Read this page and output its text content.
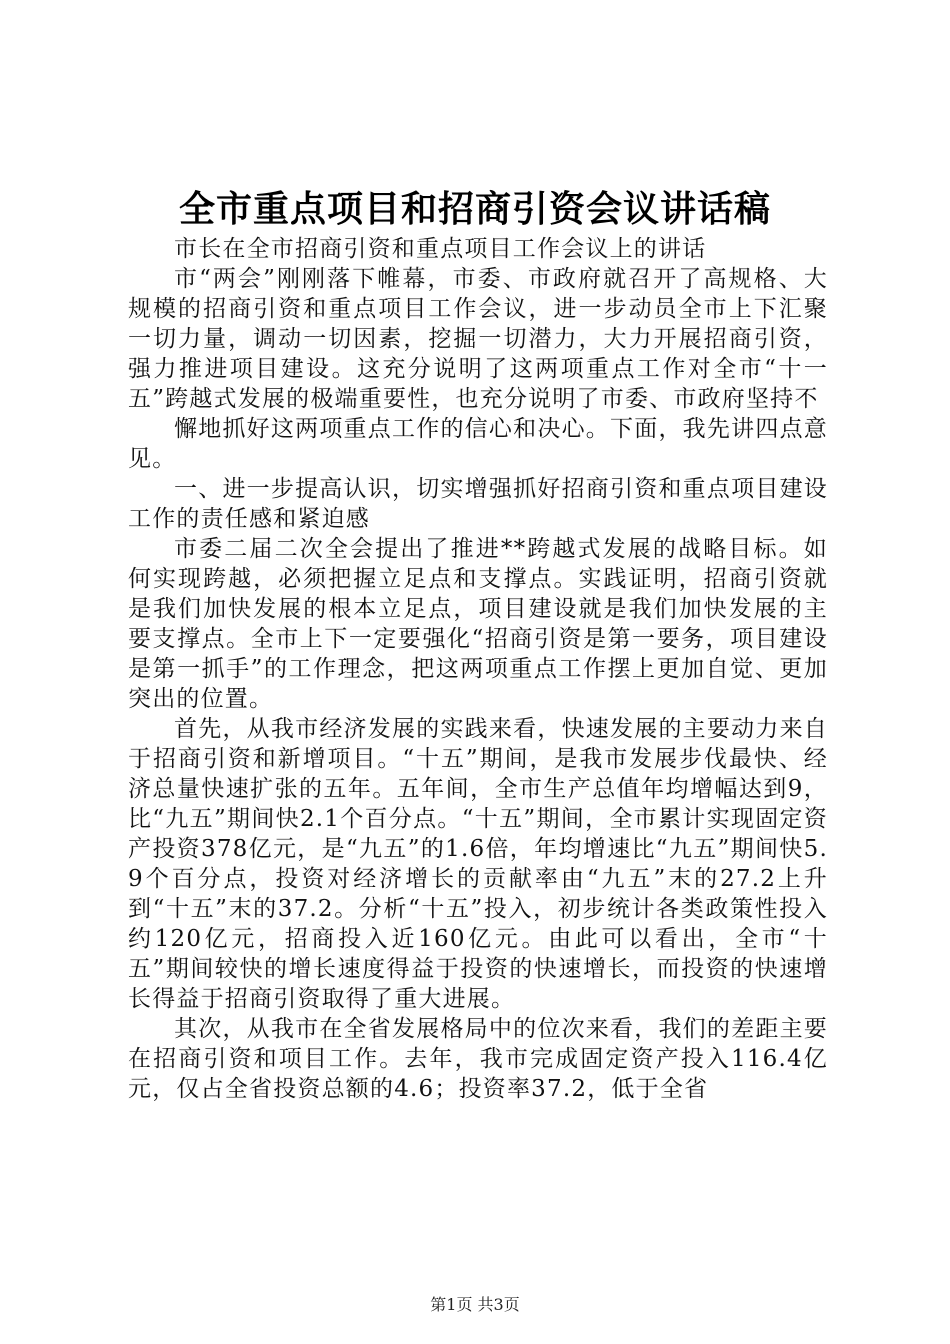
全市重点项目和招商引资会议讲话稿

市长在全市招商引资和重点项目工作会议上的讲话

市“两会”刚刚落下帷幕，市委、市政府就召开了高规格、大规模的招商引资和重点项目工作会议，进一步动员全市上下汇聚一切力量，调动一切因素，挖掘一切潜力，大力开展招商引资，强力推进项目建设。这充分说明了这两项重点工作对全市“十一五”跨越式发展的极端重要性，也充分说明了市委、市政府坚持不

懈地抓好这两项重点工作的信心和决心。下面，我先讲四点意见。

一、进一步提高认识，切实增强抓好招商引资和重点项目建设工作的责任感和紧迫感

市委二届二次全会提出了推进**跨越式发展的战略目标。如何实现跨越，必须把握立足点和支撑点。实践证明，招商引资就是我们加快发展的根本立足点，项目建设就是我们加快发展的主要支撑点。全市上下一定要强化“招商引资是第一要务，项目建设是第一抓手”的工作理念，把这两项重点工作摆上更加自觉、更加突出的位置。

首先，从我市经济发展的实践来看，快速发展的主要动力来自于招商引资和新增项目。“十五”期间，是我市发展步伐最快、经济总量快速扩张的五年。五年间，全市生产总值年均增幅达到9，比“九五”期间快2.1个百分点。“十五”期间，全市累计实现固定资产投资378亿元，是“九五”的1.6倍，年均增速比“九五”期间快5.9个百分点，投资对经济增长的贡献率由“九五”末的27.2上升到“十五”末的37.2。分析“十五”投入，初步统计各类政策性投入约120亿元，招商投入近160亿元。由此可以看出，全市“十五”期间较快的增长速度得益于投资的快速增长，而投资的快速增长得益于招商引资取得了重大进展。

其次，从我市在全省发展格局中的位次来看，我们的差距主要在招商引资和项目工作。去年，我市完成固定资产投入116.4亿元，仅占全省投资总额的4.6；投资率37.2，低于全省

第1页 共3页
